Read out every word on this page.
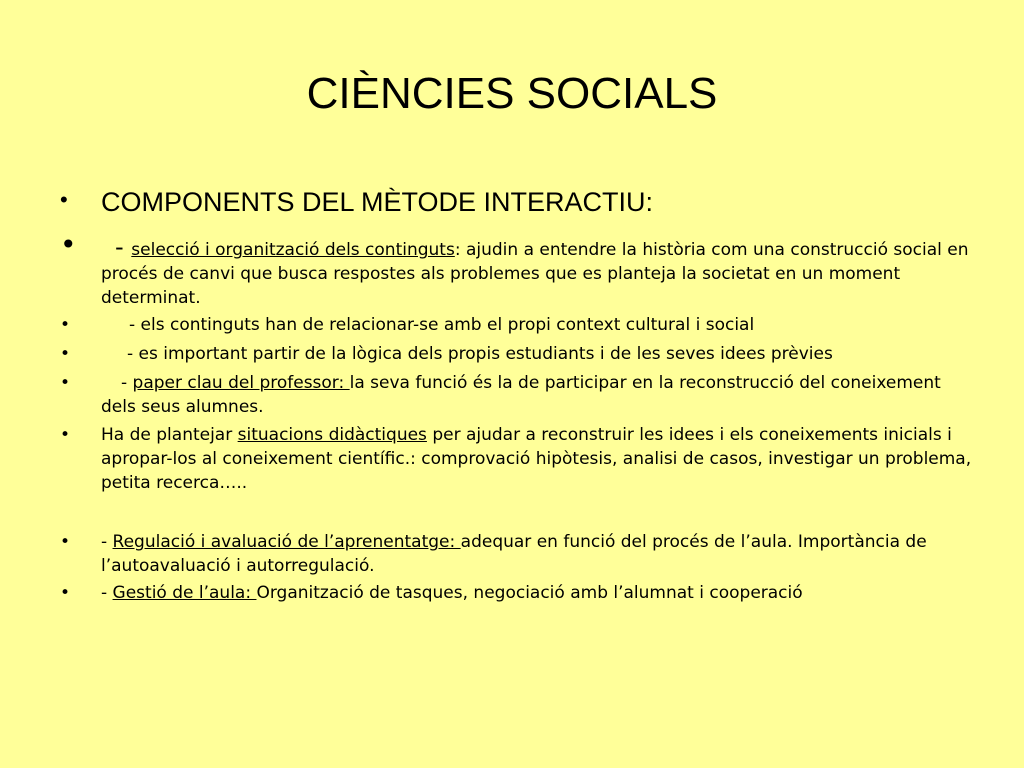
CIÈNCIES SOCIALS
•	COMPONENTS DEL MÈTODE INTERACTIU:
•	- selecció i organització dels continguts: ajudin a entendre la història com una construcció social en procés de canvi que busca respostes als problemes que es planteja la societat en un moment determinat.
•	- els continguts han de relacionar-se amb el propi context cultural i social
•	- es important partir de la lògica dels propis estudiants i de les seves idees prèvies
•	- paper clau del professor: la seva funció és la de participar en la reconstrucció del coneixement dels seus alumnes.
•	Ha de plantejar situacions didàctiques per ajudar a reconstruir les idees i els coneixements inicials i apropar-los al coneixement científic.: comprovació hipòtesis, analisi de casos, investigar un problema, petita recerca…..
•	- Regulació i avaluació de l’aprenentatge: adequar en funció del procés de l’aula. Importància de l’autoavaluació i autorregulació.
•	- Gestió de l’aula: Organització de tasques, negociació amb l’alumnat i cooperació
